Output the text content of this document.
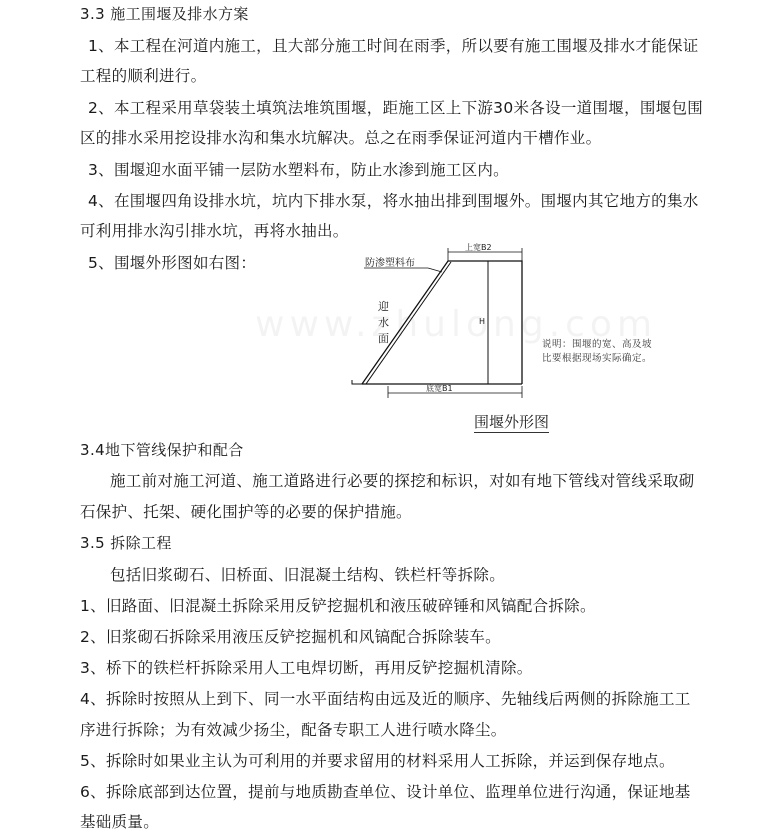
3.3 施工围堰及排水方案
1、本工程在河道内施工，且大部分施工时间在雨季，所以要有施工围堰及排水才能保证
工程的顺利进行。
2、本工程采用草袋装土填筑法堆筑围堰，距施工区上下游30米各设一道围堰，围堰包围
区的排水采用挖设排水沟和集水坑解决。总之在雨季保证河道内干槽作业。
3、围堰迎水面平铺一层防水塑料布，防止水渗到施工区内。
4、在围堰四角设排水坑，坑内下排水泵，将水抽出排到围堰外。围堰内其它地方的集水
可利用排水沟引排水坑，再将水抽出。
5、围堰外形图如右图：	防渗塑料布
上宽B2
迎
水
面
H
底宽B1
说明：围堰的宽、高及坡比要根据现场实际确定。
围堰外形图
3.4地下管线保护和配合
施工前对施工河道、施工道路进行必要的探挖和标识，对如有地下管线对管线采取砌
石保护、托架、硬化围护等的必要的保护措施。
3.5 拆除工程
包括旧浆砌石、旧桥面、旧混凝土结构、铁栏杆等拆除。
1、旧路面、旧混凝土拆除采用反铲挖掘机和液压破碎锤和风镐配合拆除。
2、旧浆砌石拆除采用液压反铲挖掘机和风镐配合拆除装车。
3、桥下的铁栏杆拆除采用人工电焊切断，再用反铲挖掘机清除。
4、拆除时按照从上到下、同一水平面结构由远及近的顺序、先轴线后两侧的拆除施工工
序进行拆除；为有效减少扬尘，配备专职工人进行喷水降尘。
5、拆除时如果业主认为可利用的并要求留用的材料采用人工拆除，并运到保存地点。
6、拆除底部到达位置，提前与地质勘查单位、设计单位、监理单位进行沟通，保证地基
基础质量。
